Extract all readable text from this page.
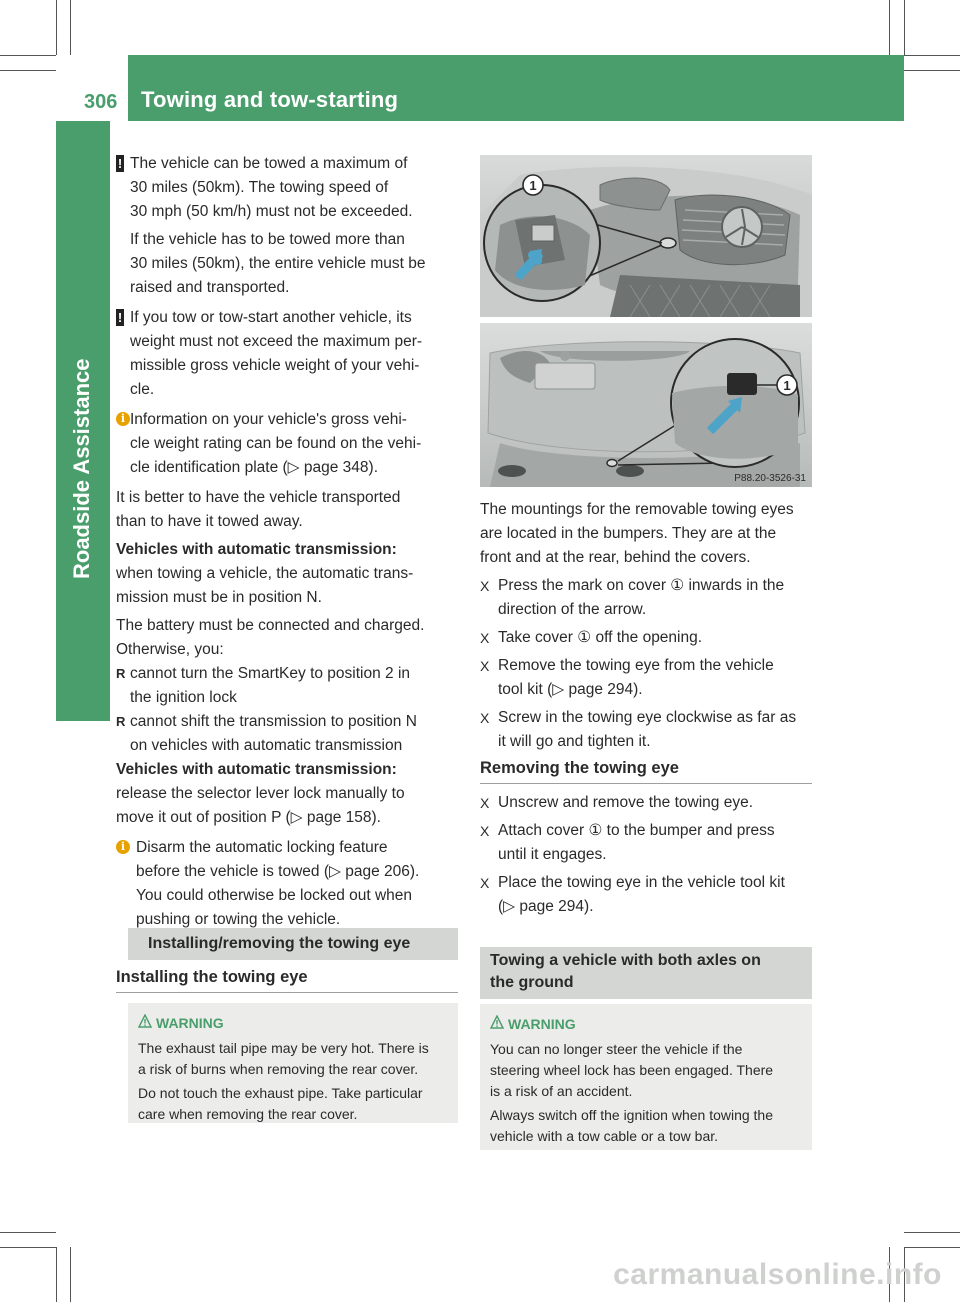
306 Towing and tow-starting
Roadside Assistance
! The vehicle can be towed a maximum of
30 miles (50km). The towing speed of
30 mph (50 km/h) must not be exceeded.
If the vehicle has to be towed more than
30 miles (50km), the entire vehicle must be
raised and transported.
! If you tow or tow-start another vehicle, its
weight must not exceed the maximum per-
missible gross vehicle weight of your vehi-
cle.
i Information on your vehicle's gross vehi-
cle weight rating can be found on the vehi-
cle identification plate (▷ page 348).
It is better to have the vehicle transported
than to have it towed away.
Vehicles with automatic transmission:
when towing a vehicle, the automatic trans-
mission must be in position N.
The battery must be connected and charged.
Otherwise, you:
R cannot turn the SmartKey to position 2 in
the ignition lock
R cannot shift the transmission to position N
on vehicles with automatic transmission
Vehicles with automatic transmission:
release the selector lever lock manually to
move it out of position P (▷ page 158).
i Disarm the automatic locking feature
before the vehicle is towed (▷ page 206).
You could otherwise be locked out when
pushing or towing the vehicle.
Installing/removing the towing eye
Installing the towing eye
WARNING

The exhaust tail pipe may be very hot. There is
a risk of burns when removing the rear cover.

Do not touch the exhaust pipe. Take particular
care when removing the rear cover.

1
1
P88.20-3526-31
The mountings for the removable towing eyes
are located in the bumpers. They are at the
front and at the rear, behind the covers.
X Press the mark on cover ① inwards in the
direction of the arrow.
X Take cover ① off the opening.
X Remove the towing eye from the vehicle
tool kit (▷ page 294).
X Screw in the towing eye clockwise as far as
it will go and tighten it.
Removing the towing eye
X Unscrew and remove the towing eye.
X Attach cover ① to the bumper and press
until it engages.
X Place the towing eye in the vehicle tool kit
(▷ page 294).
Towing a vehicle with both axles on
the ground
WARNING

You can no longer steer the vehicle if the
steering wheel lock has been engaged. There
is a risk of an accident.

Always switch off the ignition when towing the
vehicle with a tow cable or a tow bar.

carmanualsonline.info
